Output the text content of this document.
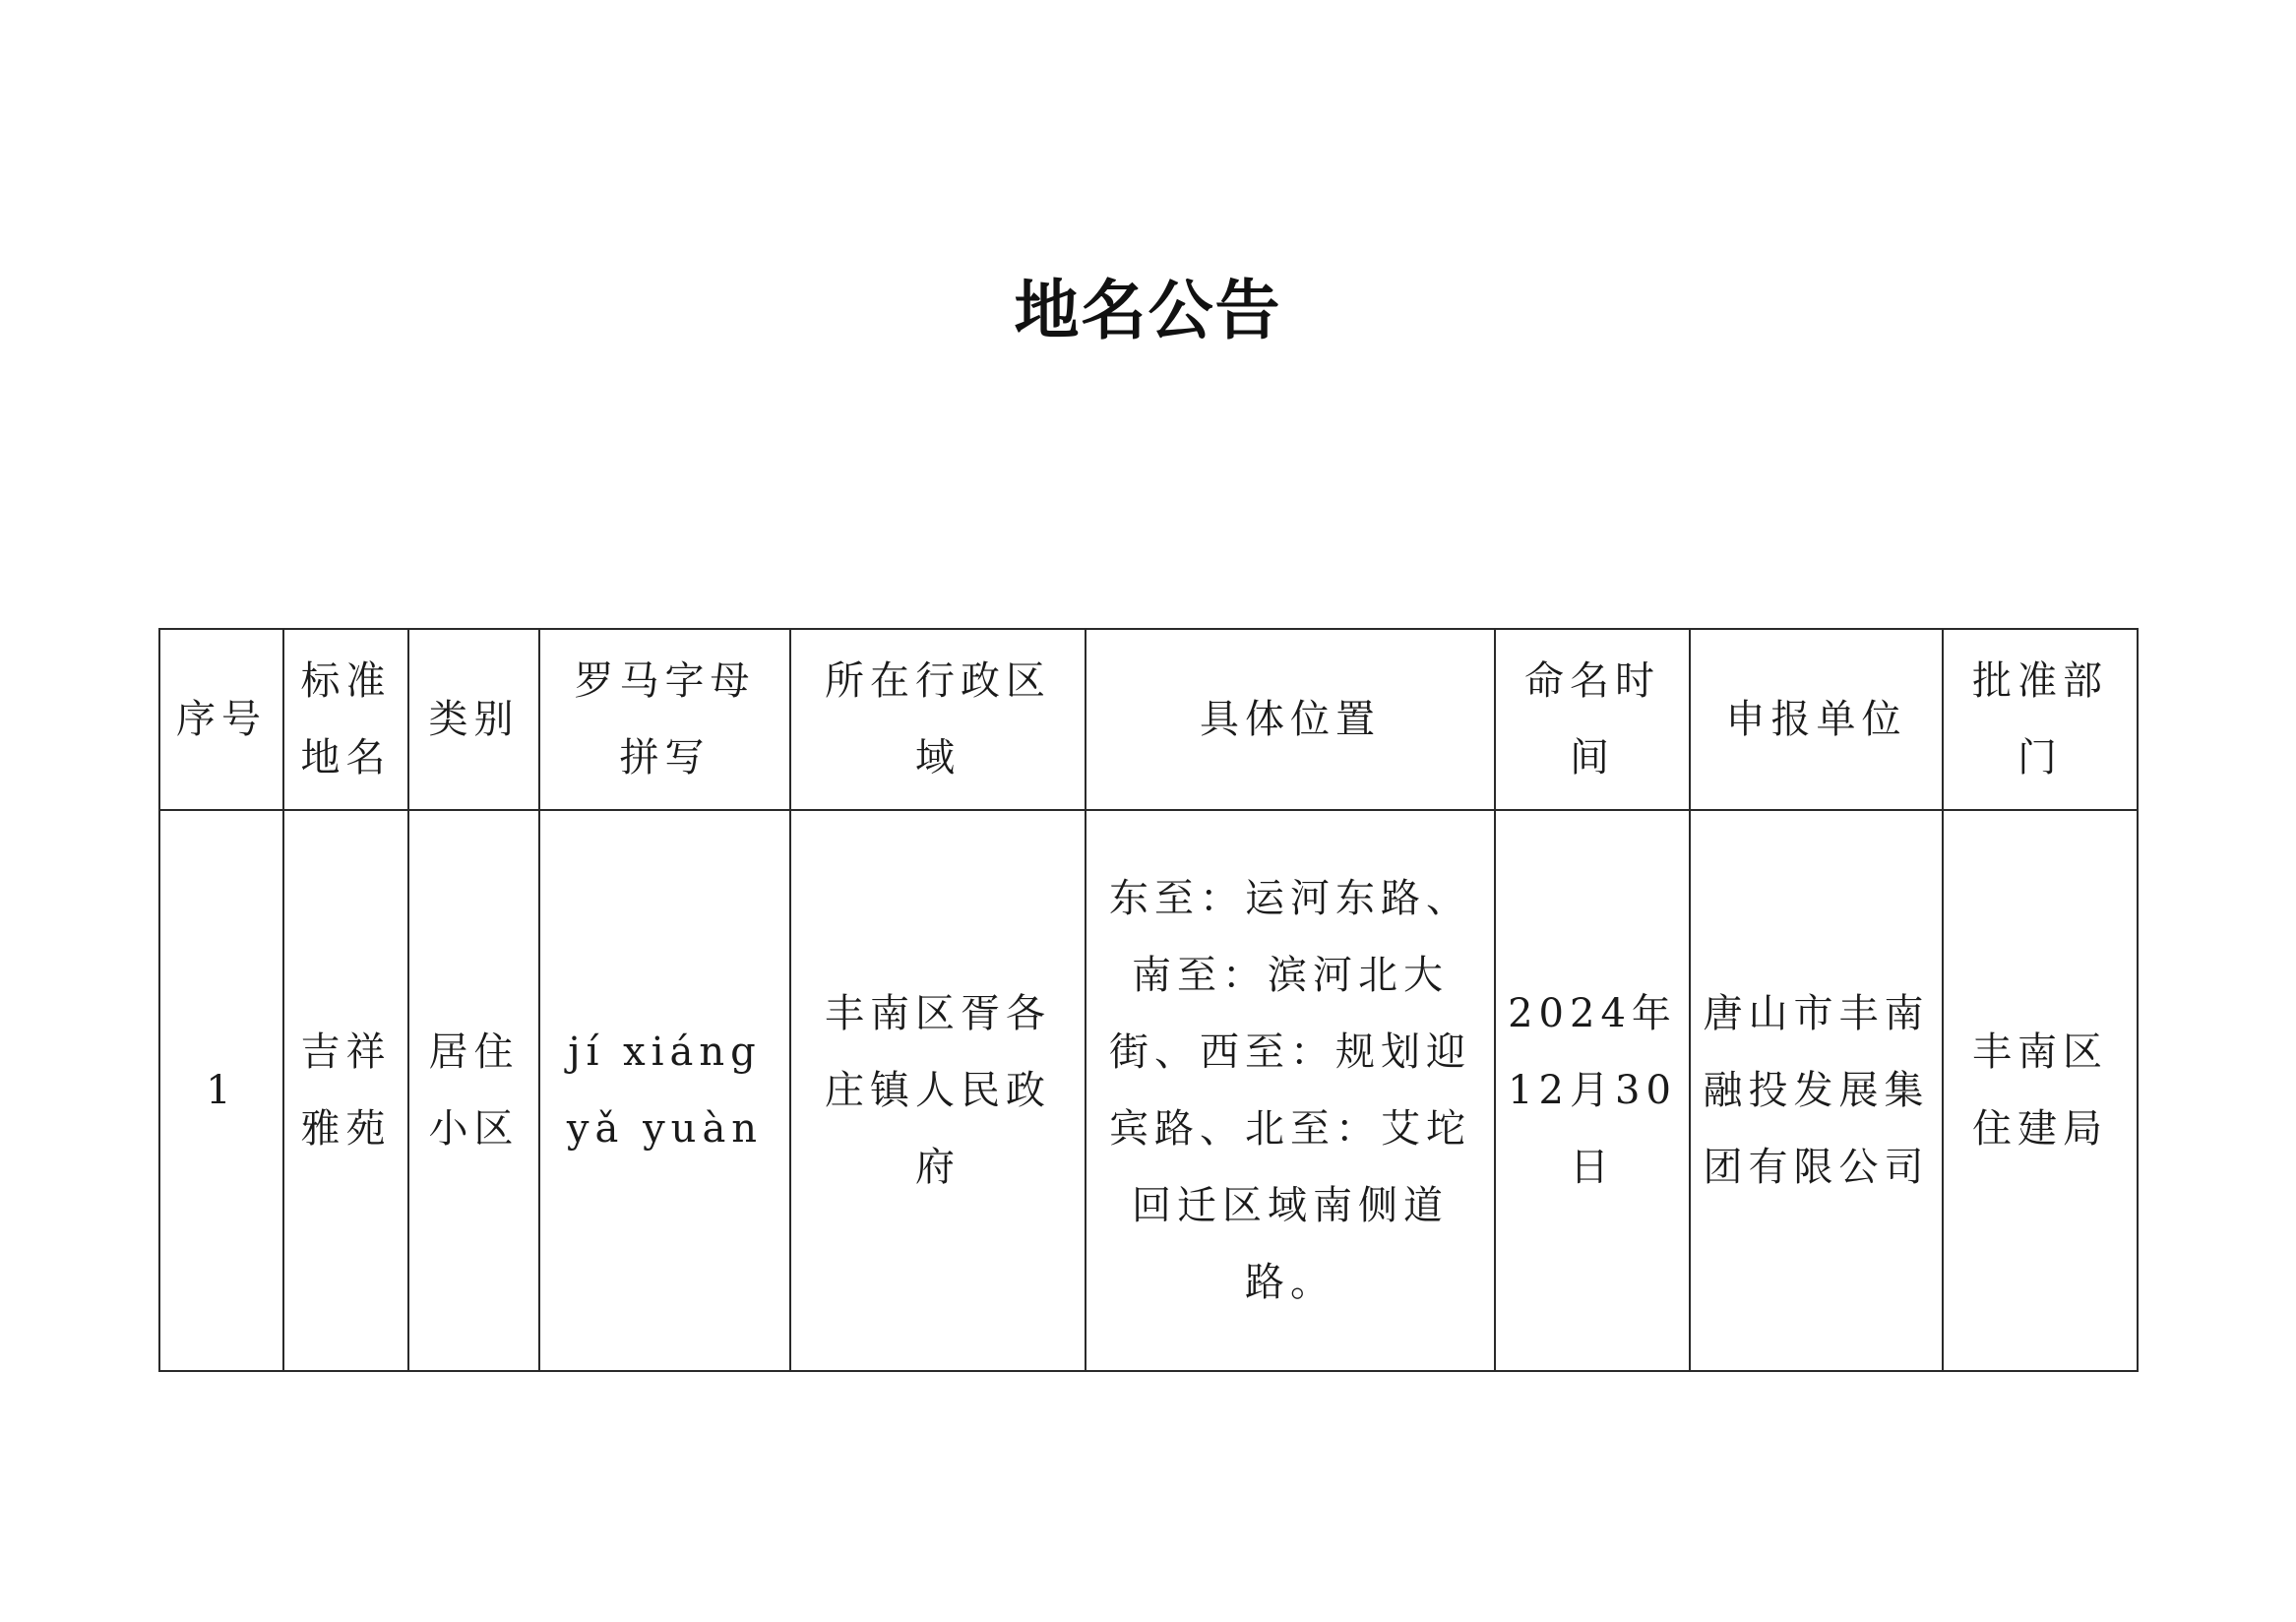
地名公告
序号	标准地名	类别	罗马字母拼写	所在行政区域	具体位置	命名时间	申报单位	批准部门
1	吉祥雅苑	居住小区	jí xiáng yǎ yuàn	丰南区胥各庄镇人民政府	东至：运河东路、南至：滨河北大街、西至：规划迎宾路、北至：艾坨回迁区域南侧道路。	2024年12月30日	唐山市丰南融投发展集团有限公司	丰南区住建局
